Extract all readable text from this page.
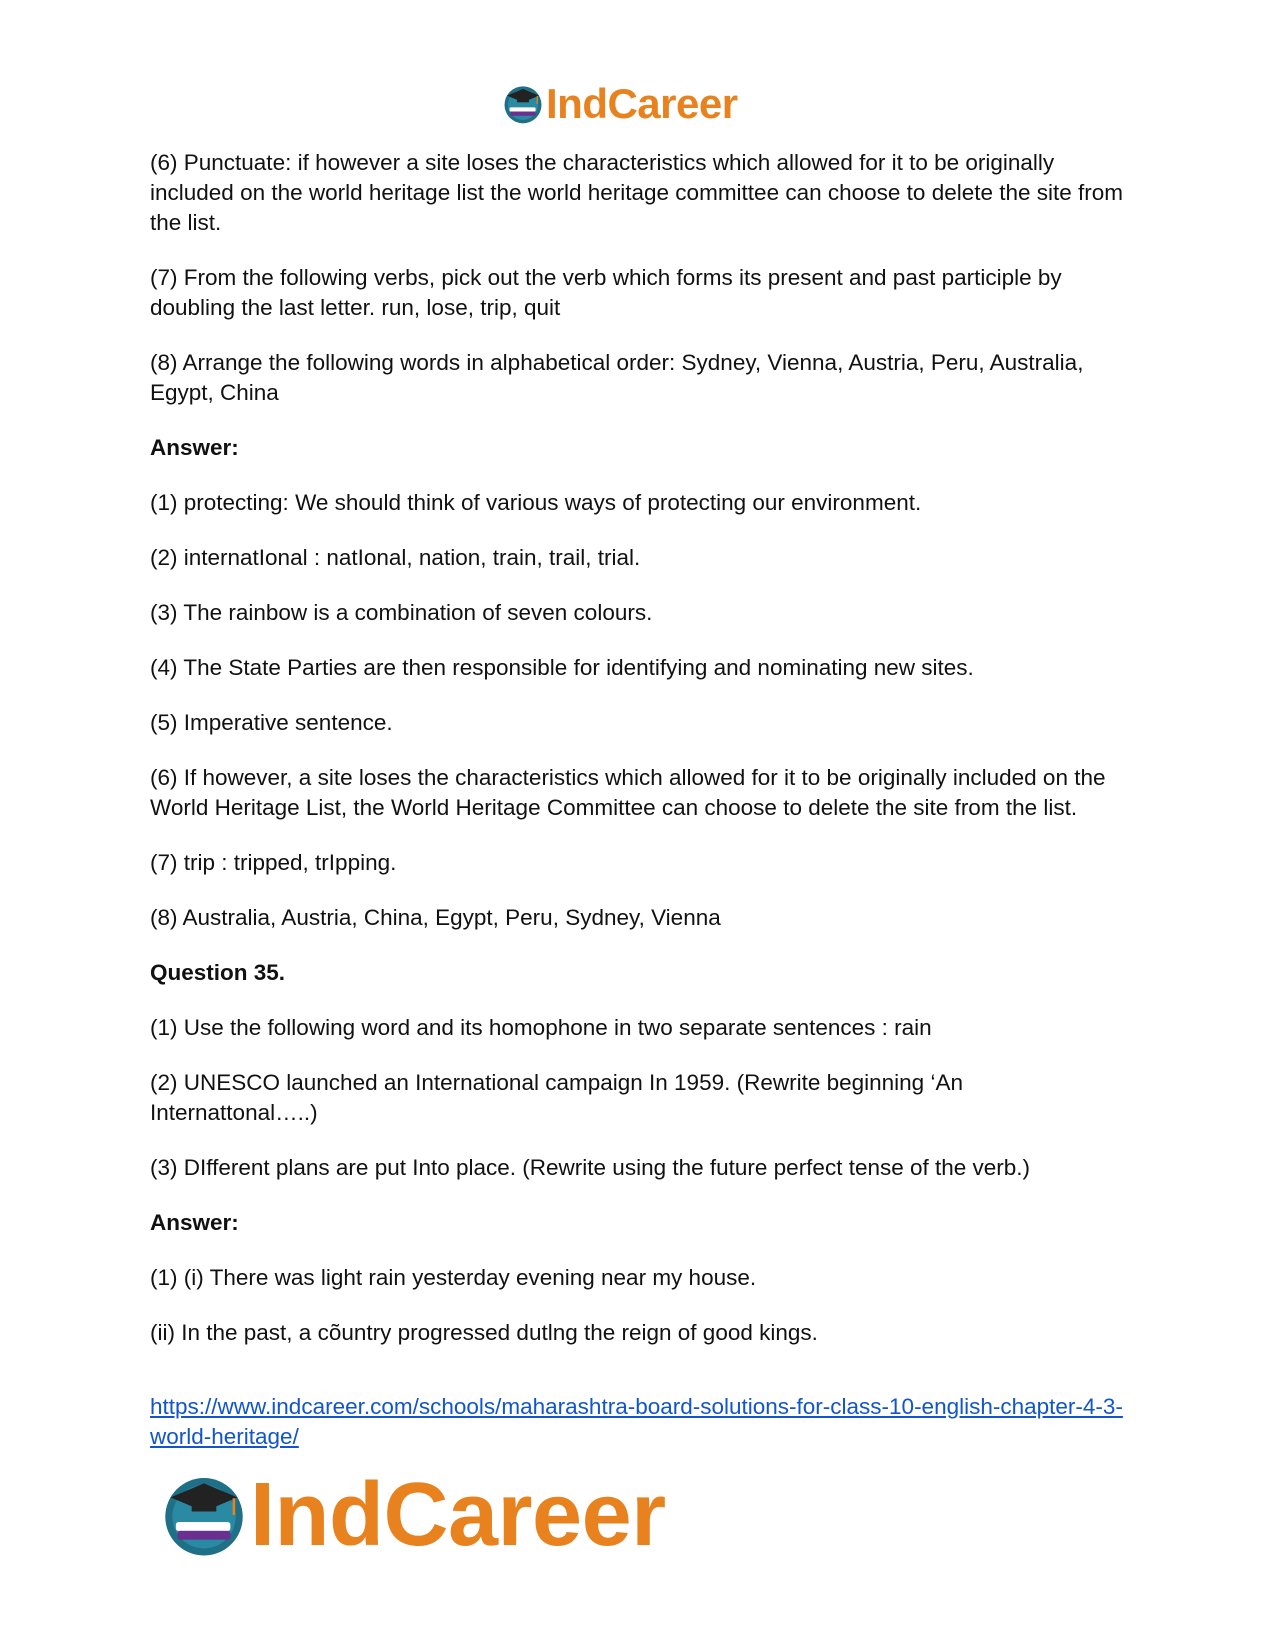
IndCareer

(6) Punctuate: if however a site loses the characteristics which allowed for it to be originally included on the world heritage list the world heritage committee can choose to delete the site from the list.

(7) From the following verbs, pick out the verb which forms its present and past participle by doubling the last letter. run, lose, trip, quit

(8) Arrange the following words in alphabetical order: Sydney, Vienna, Austria, Peru, Australia, Egypt, China

Answer:

(1) protecting: We should think of various ways of protecting our environment.

(2) internatIonal : natIonal, nation, train, trail, trial.

(3) The rainbow is a combination of seven colours.

(4) The State Parties are then responsible for identifying and nominating new sites.

(5) Imperative sentence.

(6) If however, a site loses the characteristics which allowed for it to be originally included on the World Heritage List, the World Heritage Committee can choose to delete the site from the list.

(7) trip : tripped, trIpping.

(8) Australia, Austria, China, Egypt, Peru, Sydney, Vienna

Question 35.

(1) Use the following word and its homophone in two separate sentences : rain

(2) UNESCO launched an International campaign In 1959. (Rewrite beginning ‘An Internattonal…..)

(3) DIfferent plans are put Into place. (Rewrite using the future perfect tense of the verb.)

Answer:

(1) (i) There was light rain yesterday evening near my house.

(ii) In the past, a cõuntry progressed dutlng the reign of good kings.

https://www.indcareer.com/schools/maharashtra-board-solutions-for-class-10-english-chapter-4-3-world-heritage/
IndCareer
